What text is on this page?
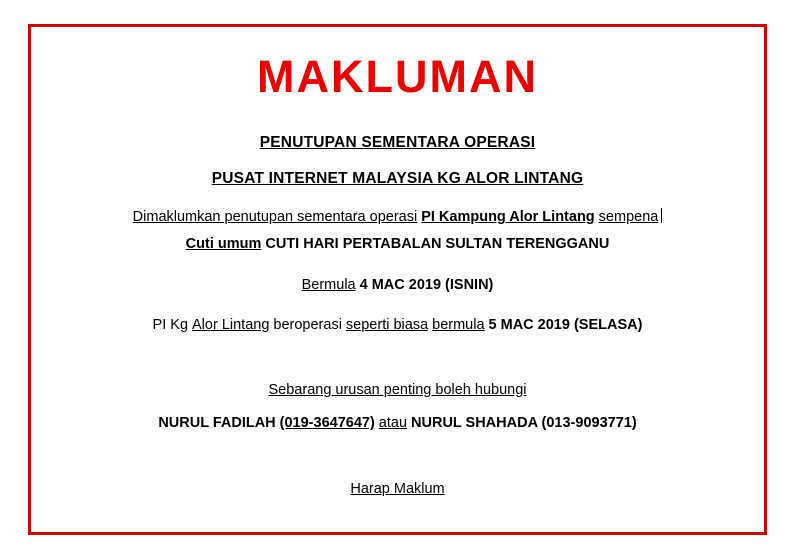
MAKLUMAN
PENUTUPAN SEMENTARA OPERASI
PUSAT INTERNET MALAYSIA KG ALOR LINTANG
Dimaklumkan penutupan sementara operasi PI Kampung Alor Lintang sempena
Cuti umum CUTI HARI PERTABALAN SULTAN TERENGGANU
Bermula 4 MAC 2019 (ISNIN)
PI Kg Alor Lintang beroperasi seperti biasa bermula 5 MAC 2019 (SELASA)
Sebarang urusan penting boleh hubungi
NURUL FADILAH (019-3647647) atau NURUL SHAHADA (013-9093771)
Harap Maklum
